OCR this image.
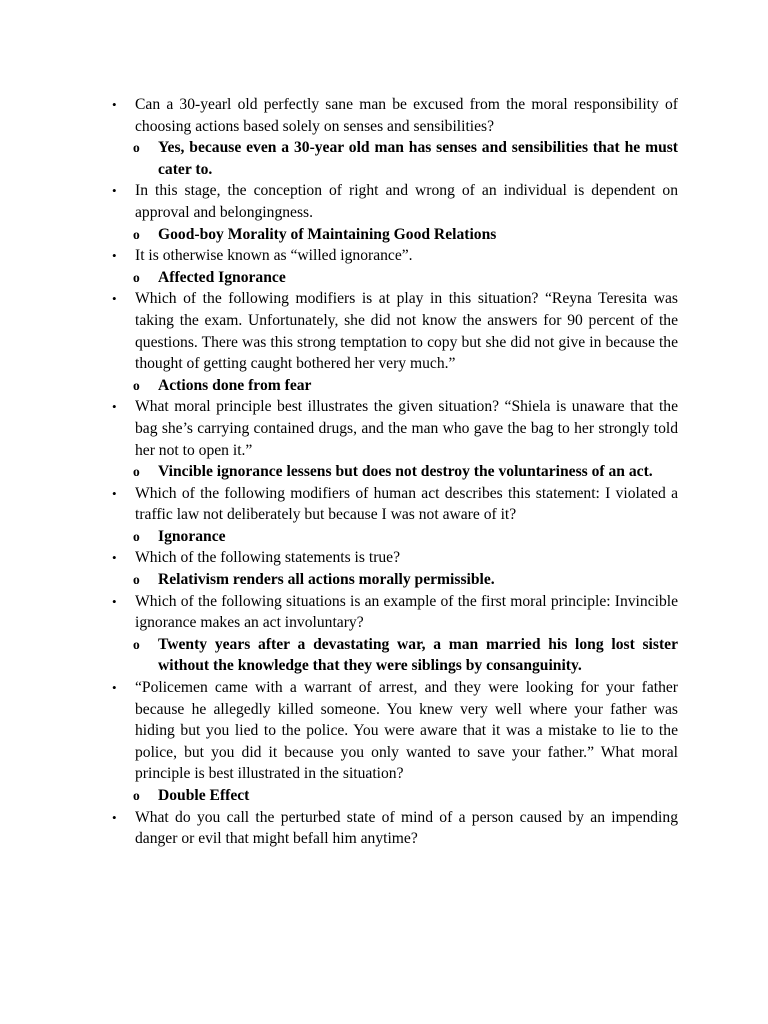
• Can a 30-yearl old perfectly sane man be excused from the moral responsibility of choosing actions based solely on senses and sensibilities?
o Yes, because even a 30-year old man has senses and sensibilities that he must cater to.
• In this stage, the conception of right and wrong of an individual is dependent on approval and belongingness.
o Good-boy Morality of Maintaining Good Relations
• It is otherwise known as “willed ignorance”.
o Affected Ignorance
• Which of the following modifiers is at play in this situation? “Reyna Teresita was taking the exam. Unfortunately, she did not know the answers for 90 percent of the questions. There was this strong temptation to copy but she did not give in because the thought of getting caught bothered her very much.”
o Actions done from fear
• What moral principle best illustrates the given situation? “Shiela is unaware that the bag she’s carrying contained drugs, and the man who gave the bag to her strongly told her not to open it.”
o Vincible ignorance lessens but does not destroy the voluntariness of an act.
• Which of the following modifiers of human act describes this statement: I violated a traffic law not deliberately but because I was not aware of it?
o Ignorance
• Which of the following statements is true?
o Relativism renders all actions morally permissible.
• Which of the following situations is an example of the first moral principle: Invincible ignorance makes an act involuntary?
o Twenty years after a devastating war, a man married his long lost sister without the knowledge that they were siblings by consanguinity.
• “Policemen came with a warrant of arrest, and they were looking for your father because he allegedly killed someone. You knew very well where your father was hiding but you lied to the police. You were aware that it was a mistake to lie to the police, but you did it because you only wanted to save your father.” What moral principle is best illustrated in the situation?
o Double Effect
• What do you call the perturbed state of mind of a person caused by an impending danger or evil that might befall him anytime?
